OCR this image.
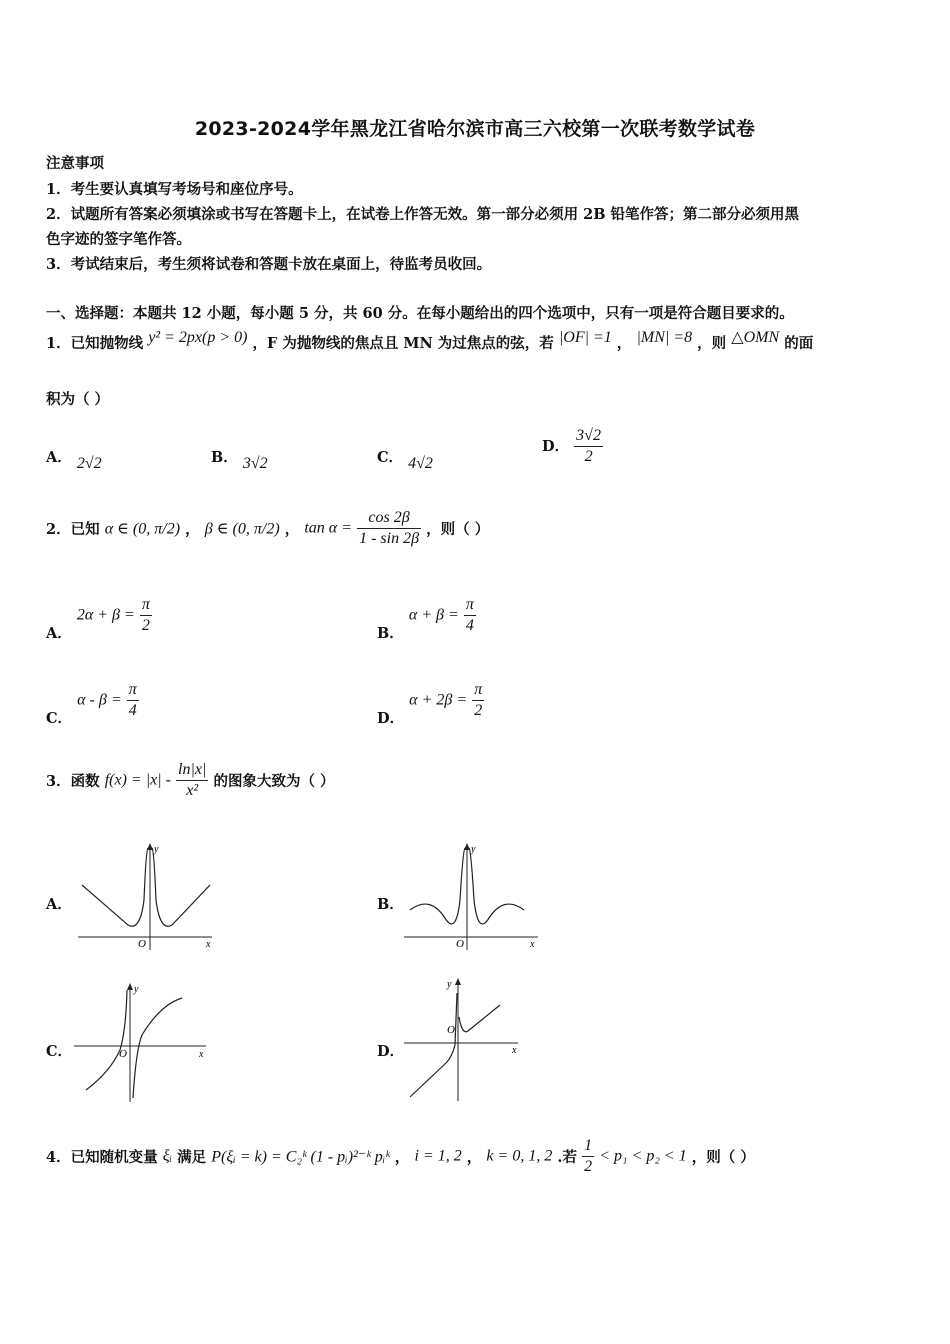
2023-2024学年黑龙江省哈尔滨市高三六校第一次联考数学试卷
注意事项
1．考生要认真填写考场号和座位序号。
2．试题所有答案必须填涂或书写在答题卡上，在试卷上作答无效。第一部分必须用 2B 铅笔作答；第二部分必须用黑
色字迹的签字笔作答。
3．考试结束后，考生须将试卷和答题卡放在桌面上，待监考员收回。
一、选择题：本题共 12 小题，每小题 5 分，共 60 分。在每小题给出的四个选项中，只有一项是符合题目要求的。
1．已知抛物线 y² = 2px(p > 0) ，F 为抛物线的焦点且 MN 为过焦点的弦，若 |OF| =1 ， |MN| =8 ，则 △OMN 的面
积为（ ）
A． 2√2	B． 3√2	C． 4√2
D． $\frac{3√2}{2}$
2．已知 α ∈ (0, π/2) ， β ∈ (0, π/2) ， $\tan \alpha = \frac{\cos 2\beta}{1 - \sin 2\beta}$ ，则（ ）
A． $2\alpha + \beta = \frac{\pi}{2}$	B． $\alpha + \beta = \frac{\pi}{4}$
C． $\alpha - \beta = \frac{\pi}{4}$	D． $\alpha + 2\beta = \frac{\pi}{2}$
3．函数 $f(x) = |x| - \frac{\ln|x|}{\text{x²}}$ 的图象大致为（ ）
A．	B．
C．	D．
O	x
y
O	x
y
O	x
y
O
x
y
4．已知随机变量 ξᵢ 满足 P(ξᵢ = k) = C₂ᵏ (1 - pᵢ)²⁻ᵏ pᵢᵏ ， i = 1, 2 ， k = 0, 1, 2 .若 $\frac{1}{2} < p_1 < p_2 < 1$ ，则（ ）
